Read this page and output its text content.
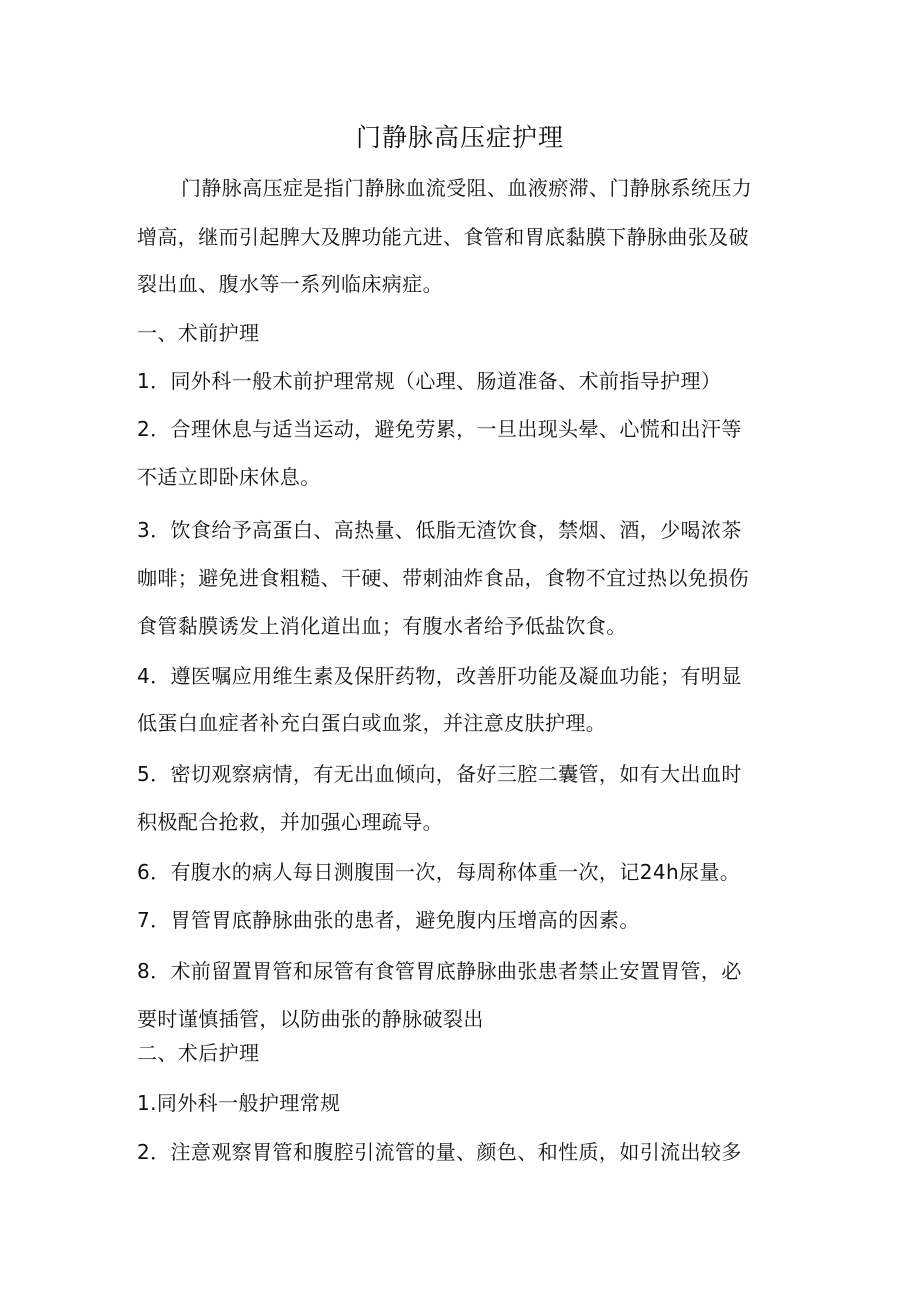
门静脉高压症护理
门静脉高压症是指门静脉血流受阻、血液瘀滞、门静脉系统压力
增高，继而引起脾大及脾功能亢进、食管和胃底黏膜下静脉曲张及破
裂出血、腹水等一系列临床病症。
一、术前护理
1．同外科一般术前护理常规（心理、肠道准备、术前指导护理）
2．合理休息与适当运动，避免劳累，一旦出现头晕、心慌和出汗等
不适立即卧床休息。
3．饮食给予高蛋白、高热量、低脂无渣饮食，禁烟、酒，少喝浓茶
咖啡；避免进食粗糙、干硬、带刺油炸食品，食物不宜过热以免损伤
食管黏膜诱发上消化道出血；有腹水者给予低盐饮食。
4．遵医嘱应用维生素及保肝药物，改善肝功能及凝血功能；有明显
低蛋白血症者补充白蛋白或血浆，并注意皮肤护理。
5．密切观察病情，有无出血倾向，备好三腔二囊管，如有大出血时
积极配合抢救，并加强心理疏导。
6．有腹水的病人每日测腹围一次，每周称体重一次，记24h尿量。
7．胃管胃底静脉曲张的患者，避免腹内压增高的因素。
8．术前留置胃管和尿管有食管胃底静脉曲张患者禁止安置胃管，必
要时谨慎插管，以防曲张的静脉破裂出
二、术后护理
1.同外科一般护理常规
2．注意观察胃管和腹腔引流管的量、颜色、和性质，如引流出较多
